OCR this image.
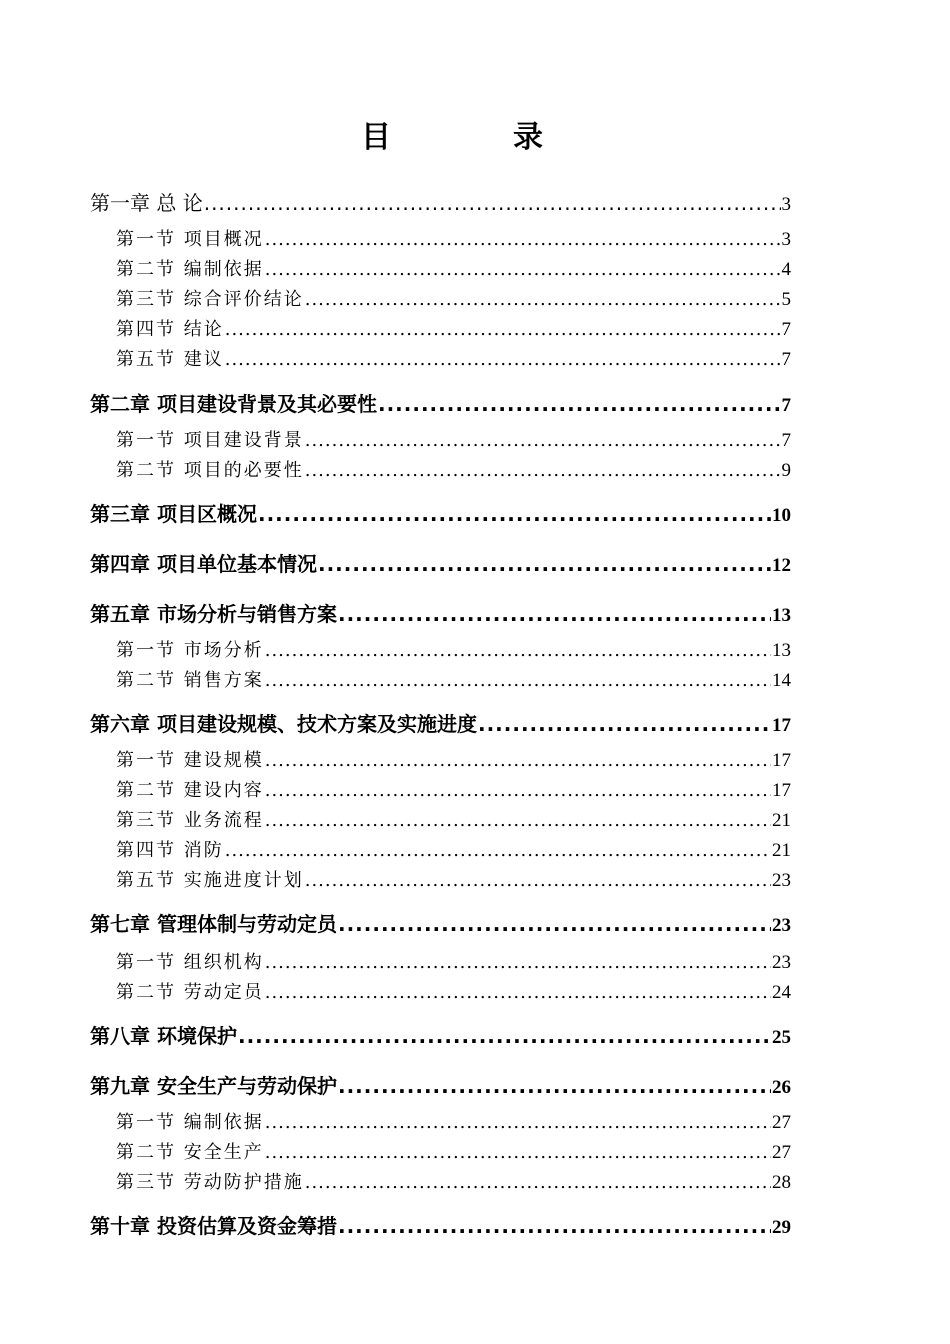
目　录
第一章 总 论 .....	3
第一节 项目概况 .....	3
第二节 编制依据 .....	4
第三节 综合评价结论 .....	5
第四节 结论 .....	7
第五节 建议 .....	7
第二章 项目建设背景及其必要性 .....	7
第一节 项目建设背景 .....	7
第二节 项目的必要性 .....	9
第三章 项目区概况 .....	10
第四章 项目单位基本情况 .....	12
第五章 市场分析与销售方案 .....	13
第一节 市场分析 .....	13
第二节 销售方案 .....	14
第六章 项目建设规模、技术方案及实施进度 .....	17
第一节 建设规模 .....	17
第二节 建设内容 .....	17
第三节 业务流程 .....	21
第四节 消防 .....	21
第五节 实施进度计划 .....	23
第七章 管理体制与劳动定员 .....	23
第一节 组织机构 .....	23
第二节 劳动定员 .....	24
第八章 环境保护 .....	25
第九章 安全生产与劳动保护 .....	26
第一节 编制依据 .....	27
第二节 安全生产 .....	27
第三节 劳动防护措施 .....	28
第十章 投资估算及资金筹措 .....	29
